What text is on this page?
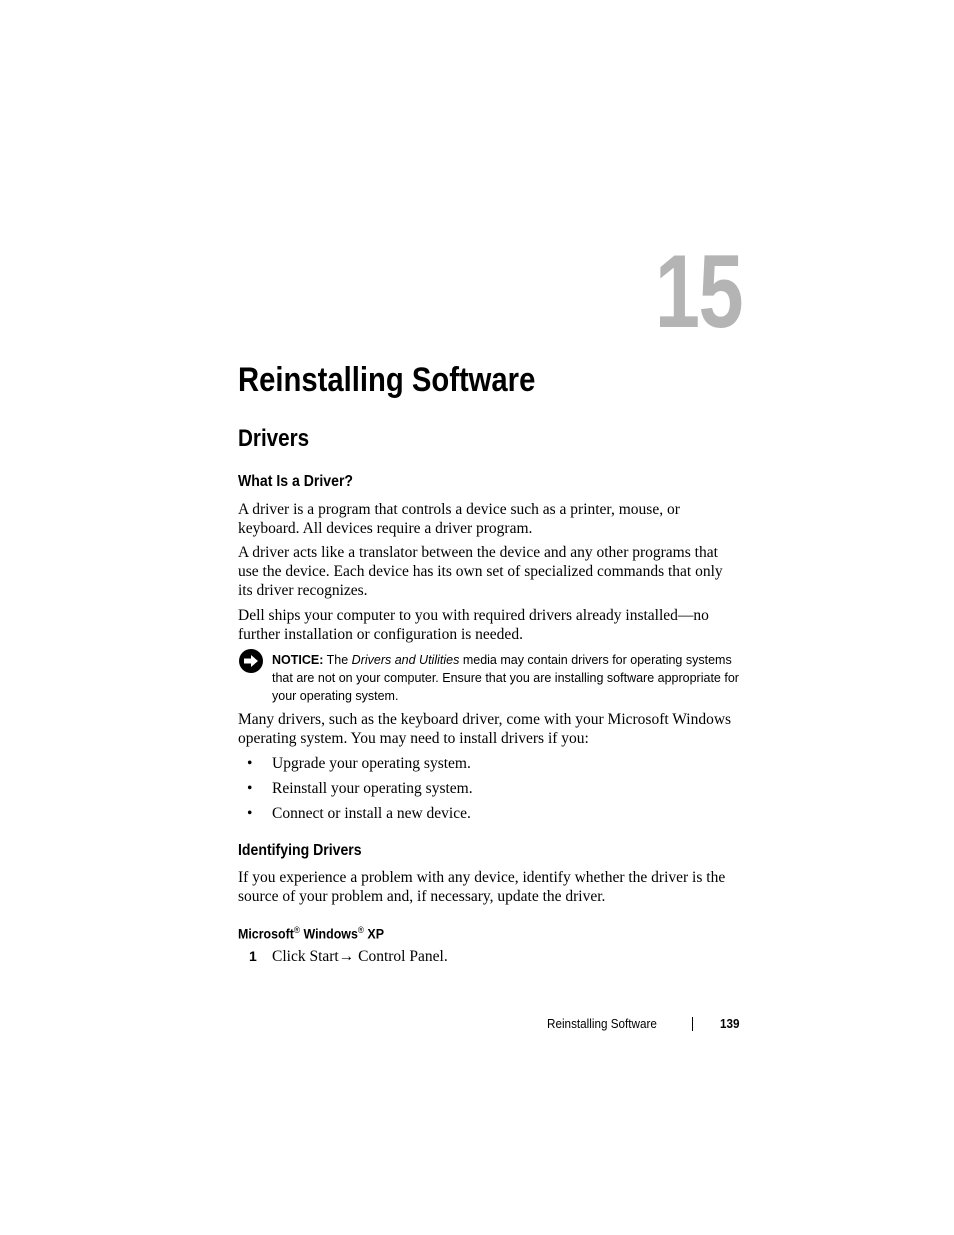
15
Reinstalling Software
Drivers
What Is a Driver?
A driver is a program that controls a device such as a printer, mouse, or keyboard. All devices require a driver program.
A driver acts like a translator between the device and any other programs that use the device. Each device has its own set of specialized commands that only its driver recognizes.
Dell ships your computer to you with required drivers already installed—no further installation or configuration is needed.
NOTICE: The Drivers and Utilities media may contain drivers for operating systems that are not on your computer. Ensure that you are installing software appropriate for your operating system.
Many drivers, such as the keyboard driver, come with your Microsoft Windows operating system. You may need to install drivers if you:
• Upgrade your operating system.
• Reinstall your operating system.
• Connect or install a new device.
Identifying Drivers
If you experience a problem with any device, identify whether the driver is the source of your problem and, if necessary, update the driver.
Microsoft® Windows® XP
1 Click Start→ Control Panel.
Reinstalling Software	139
